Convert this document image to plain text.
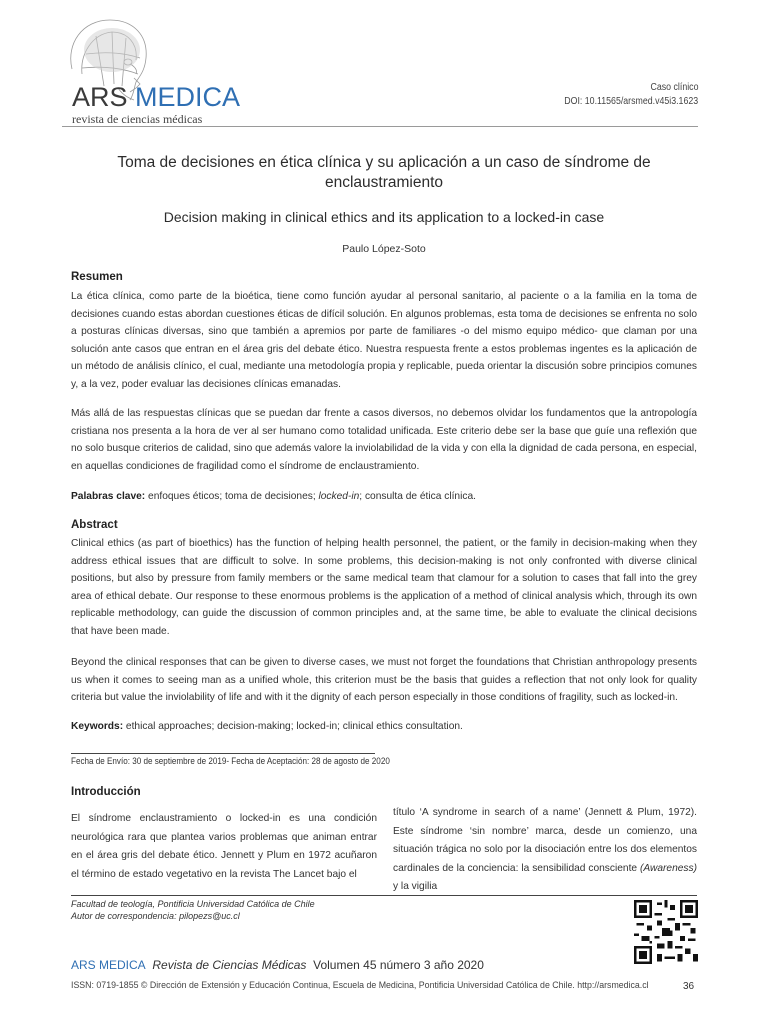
ARS MEDICA
revista de ciencias médicas
Caso clínico
DOI: 10.11565/arsmed.v45i3.1623
Toma de decisiones en ética clínica y su aplicación a un caso de síndrome de enclaustramiento
Decision making in clinical ethics and its application to a locked-in case
Paulo López-Soto
Resumen
La ética clínica, como parte de la bioética, tiene como función ayudar al personal sanitario, al paciente o a la familia en la toma de decisiones cuando estas abordan cuestiones éticas de difícil solución. En algunos problemas, esta toma de decisiones se enfrenta no solo a posturas clínicas diversas, sino que también a apremios por parte de familiares -o del mismo equipo médico- que claman por una solución ante casos que entran en el área gris del debate ético. Nuestra respuesta frente a estos problemas ingentes es la aplicación de un método de análisis clínico, el cual, mediante una metodología propia y replicable, pueda orientar la discusión sobre principios comunes y, a la vez, poder evaluar las decisiones clínicas emanadas.
Más allá de las respuestas clínicas que se puedan dar frente a casos diversos, no debemos olvidar los fundamentos que la antropología cristiana nos presenta a la hora de ver al ser humano como totalidad unificada. Este criterio debe ser la base que guíe una reflexión que no solo busque criterios de calidad, sino que además valore la inviolabilidad de la vida y con ella la dignidad de cada persona, en especial, en aquellas condiciones de fragilidad como el síndrome de enclaustramiento.
Palabras clave: enfoques éticos; toma de decisiones; locked-in; consulta de ética clínica.
Abstract
Clinical ethics (as part of bioethics) has the function of helping health personnel, the patient, or the family in decision-making when they address ethical issues that are difficult to solve. In some problems, this decision-making is not only confronted with diverse clinical positions, but also by pressure from family members or the same medical team that clamour for a solution to cases that fall into the grey area of ethical debate. Our response to these enormous problems is the application of a method of clinical analysis which, through its own replicable methodology, can guide the discussion of common principles and, at the same time, be able to evaluate the clinical decisions that have been made.
Beyond the clinical responses that can be given to diverse cases, we must not forget the foundations that Christian anthropology presents us when it comes to seeing man as a unified whole, this criterion must be the basis that guides a reflection that not only look for quality criteria but value the inviolability of life and with it the dignity of each person especially in those conditions of fragility, such as locked-in.
Keywords: ethical approaches; decision-making; locked-in; clinical ethics consultation.
Fecha de Envío: 30 de septiembre de 2019- Fecha de Aceptación: 28 de agosto de 2020
Introducción
El síndrome enclaustramiento o locked-in es una condición neurológica rara que plantea varios problemas que animan entrar en el área gris del debate ético. Jennett y Plum en 1972 acuñaron el término de estado vegetativo en la revista The Lancet bajo el
título ‘A syndrome in search of a name’ (Jennett & Plum, 1972). Este síndrome ‘sin nombre’ marca, desde un comienzo, una situación trágica no solo por la disociación entre los dos elementos cardinales de la conciencia: la sensibilidad consciente (Awareness) y la vigilia
Facultad de teología, Pontificia Universidad Católica de Chile
Autor de correspondencia: pilopezs@uc.cl
ARS MEDICA Revista de Ciencias Médicas Volumen 45 número 3 año 2020
ISSN: 0719-1855 © Dirección de Extensión y Educación Continua, Escuela de Medicina, Pontificia Universidad Católica de Chile. http://arsmedica.cl	36
